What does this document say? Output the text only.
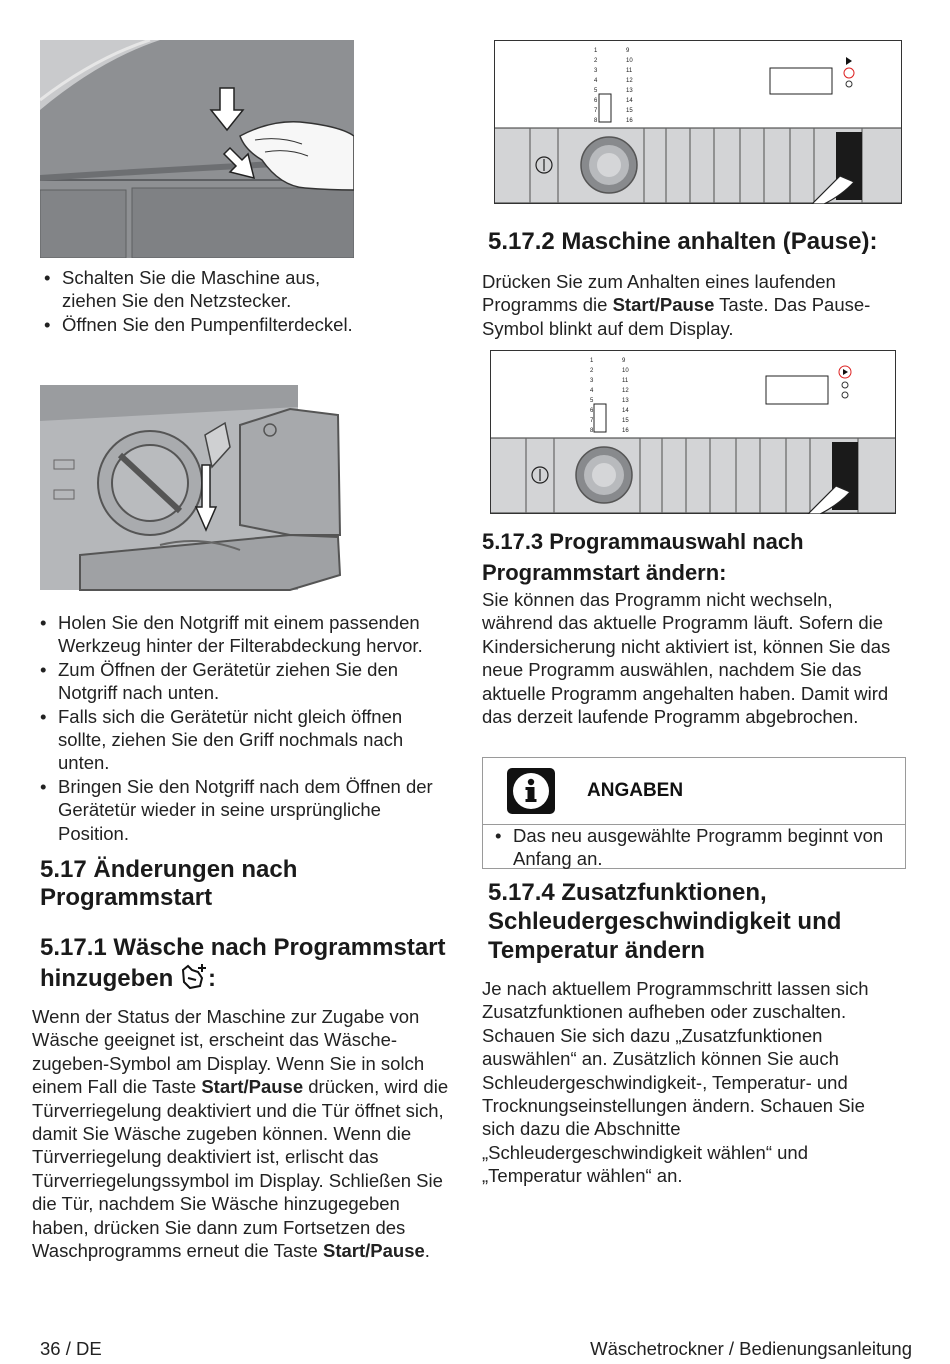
• Schalten Sie die Maschine aus, ziehen Sie den Netzstecker.
• Öffnen Sie den Pumpenfilterdeckel.
• Holen Sie den Notgriff mit einem passenden Werkzeug hinter der Filterabdeckung hervor.
• Zum Öffnen der Gerätetür ziehen Sie den Notgriff nach unten.
• Falls sich die Gerätetür nicht gleich öffnen sollte, ziehen Sie den Griff nochmals nach unten.
• Bringen Sie den Notgriff nach dem Öffnen der Gerätetür wieder in seine ursprüngliche Position.
5.17 Änderungen nach Programmstart
5.17.1 Wäsche nach Programmstart hinzugeben :

Wenn der Status der Maschine zur Zugabe von Wäsche geeignet ist, erscheint das Wäsche-zugeben-Symbol am Display. Wenn Sie in solch einem Fall die Taste Start/Pause drücken, wird die Türverriegelung deaktiviert und die Tür öffnet sich, damit Sie Wäsche zugeben können. Wenn die Türverriegelung deaktiviert ist, erlischt das Türverriegelungssymbol im Display. Schließen Sie die Tür, nachdem Sie Wäsche hinzugegeben haben, drücken Sie dann zum Fortsetzen des Waschprogramms erneut die Taste Start/Pause.

1
2
3
4
5
6
7
8
9
10
11
12
13
14
15
16
5.17.2 Maschine anhalten (Pause):

Drücken Sie zum Anhalten eines laufenden Programms die Start/Pause Taste. Das Pause-Symbol blinkt auf dem Display.

1
2
3
4
5
6
7
8
9
10
11
12
13
14
15
16
5.17.3 Programmauswahl nach Programmstart ändern:

Sie können das Programm nicht wechseln, während das aktuelle Programm läuft. Sofern die Kindersicherung nicht aktiviert ist, können Sie das neue Programm auswählen, nachdem Sie das aktuelle Programm angehalten haben. Damit wird das derzeit laufende Programm abgebrochen.

ANGABEN
• Das neu ausgewählte Programm beginnt von Anfang an.
5.17.4 Zusatzfunktionen, Schleudergeschwindigkeit und Temperatur ändern

Je nach aktuellem Programmschritt lassen sich Zusatzfunktionen aufheben oder zuschalten. Schauen Sie sich dazu „Zusatzfunktionen auswählen“ an. Zusätzlich können Sie auch Schleudergeschwindigkeit-, Temperatur- und Trocknungseinstellungen ändern. Schauen Sie sich dazu die Abschnitte „Schleudergeschwindigkeit wählen“ und „Temperatur wählen“ an.

36 / DE	Wäschetrockner / Bedienungsanleitung
